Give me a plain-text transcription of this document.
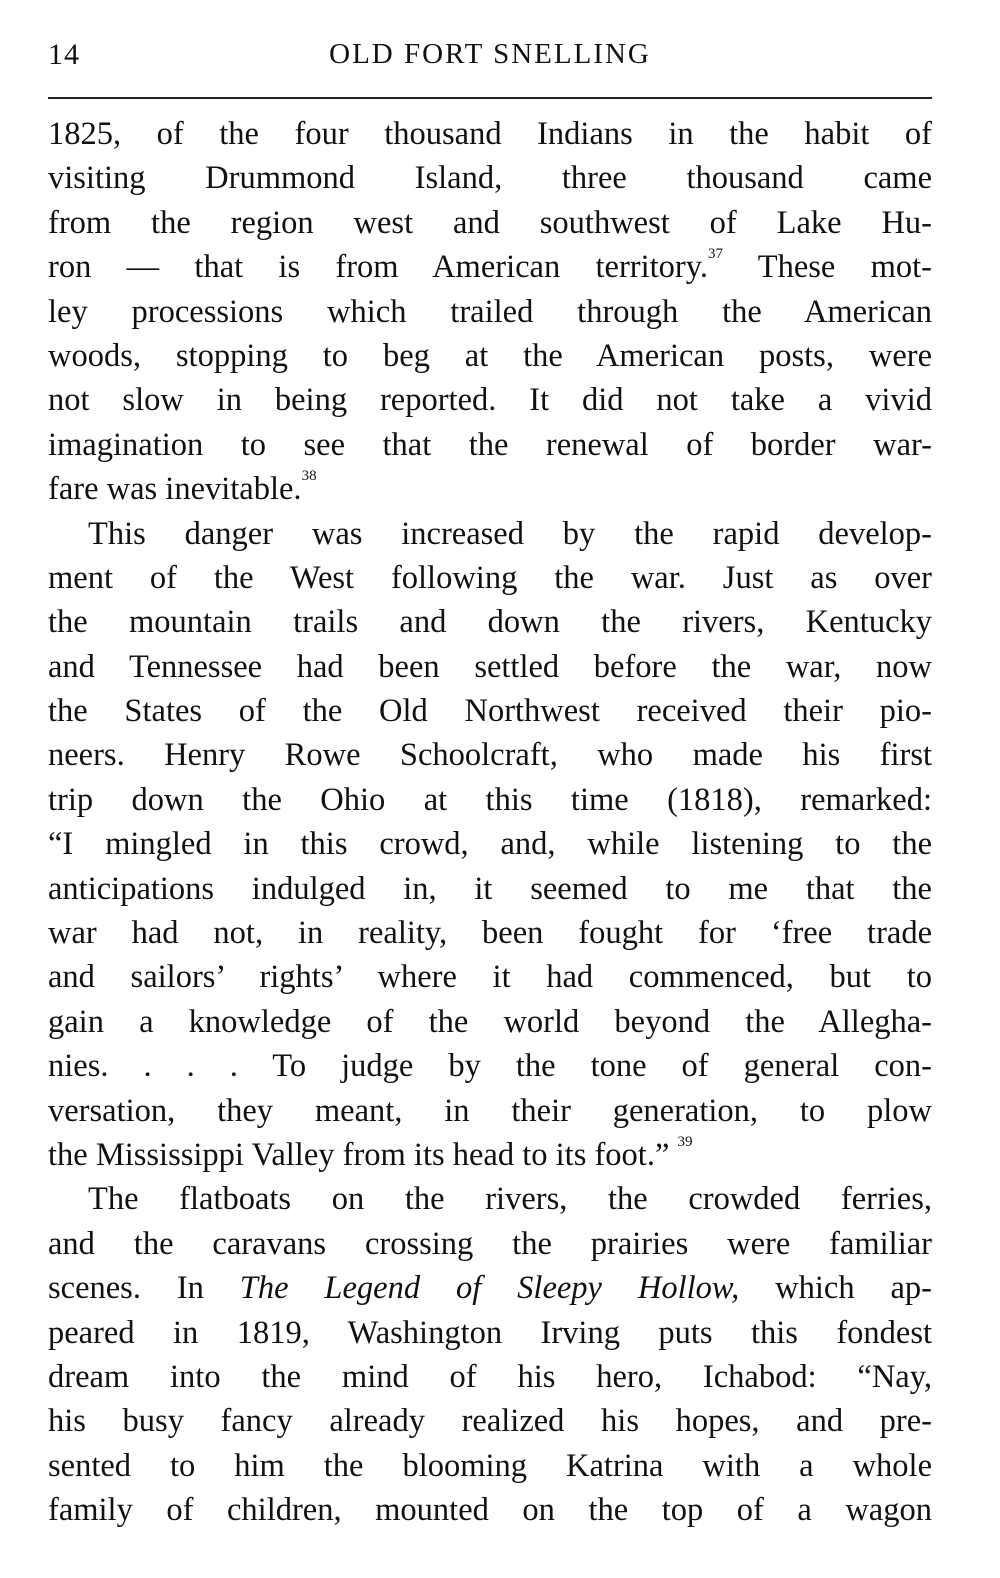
14	OLD FORT SNELLING
1825, of the four thousand Indians in the habit of
visiting Drummond Island, three thousand came
from the region west and southwest of Lake Hu-
ron — that is from American territory.$^{37}$ These mot-
ley processions which trailed through the American
woods, stopping to beg at the American posts, were
not slow in being reported. It did not take a vivid
imagination to see that the renewal of border war-
fare was inevitable.$^{38}$
This danger was increased by the rapid develop-
ment of the West following the war. Just as over
the mountain trails and down the rivers, Kentucky
and Tennessee had been settled before the war, now
the States of the Old Northwest received their pio-
neers. Henry Rowe Schoolcraft, who made his first
trip down the Ohio at this time (1818), remarked:
“I mingled in this crowd, and, while listening to the
anticipations indulged in, it seemed to me that the
war had not, in reality, been fought for ‘free trade
and sailors’ rights’ where it had commenced, but to
gain a knowledge of the world beyond the Allegha-
nies. . . . To judge by the tone of general con-
versation, they meant, in their generation, to plow
the Mississippi Valley from its head to its foot.” $^{39}$
The flatboats on the rivers, the crowded ferries,
and the caravans crossing the prairies were familiar
scenes. In The Legend of Sleepy Hollow, which ap-
peared in 1819, Washington Irving puts this fondest
dream into the mind of his hero, Ichabod: “Nay,
his busy fancy already realized his hopes, and pre-
sented to him the blooming Katrina with a whole
family of children, mounted on the top of a wagon
